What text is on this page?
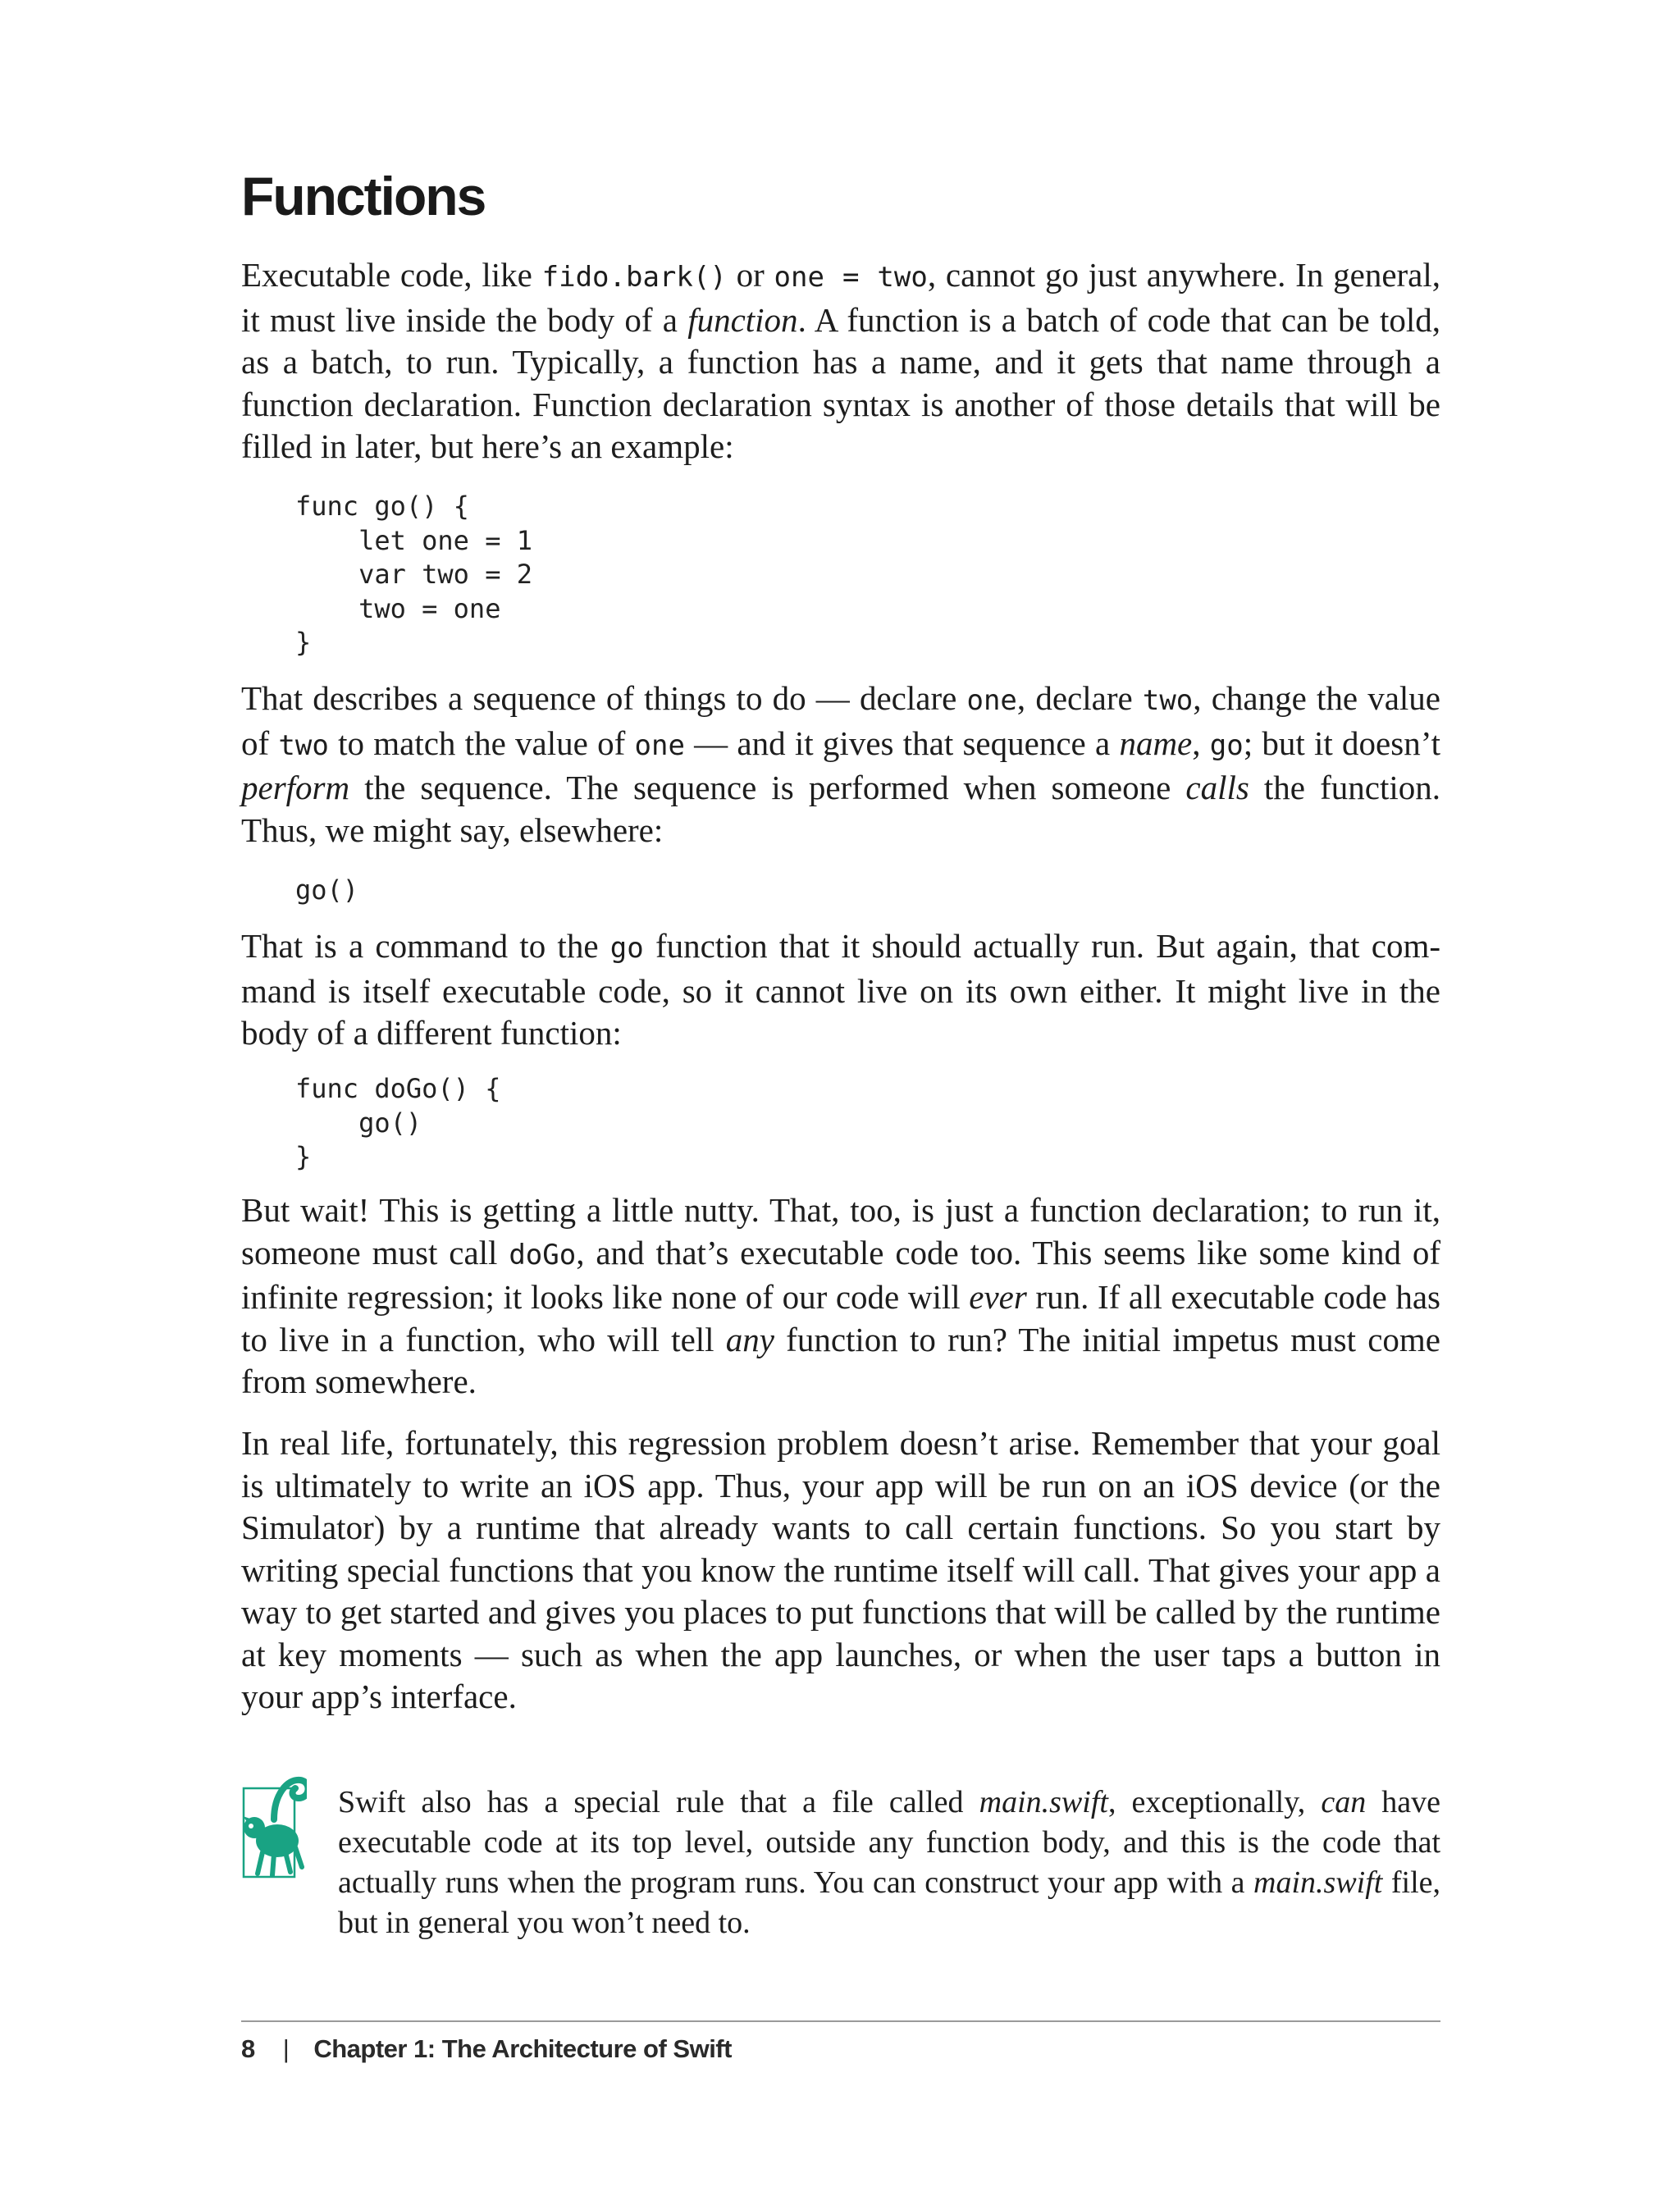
Functions

Executable code, like fido.bark() or one = two, cannot go just anywhere. In general, it must live inside the body of a function. A function is a batch of code that can be told, as a batch, to run. Typically, a function has a name, and it gets that name through a function declaration. Function declaration syntax is another of those details that will be filled in later, but here’s an example:

func go() {
let one = 1
var two = 2
two = one
}

That describes a sequence of things to do — declare one, declare two, change the value of two to match the value of one — and it gives that sequence a name, go; but it doesn’t perform the sequence. The sequence is performed when someone calls the function. Thus, we might say, elsewhere:

go()

That is a command to the go function that it should actually run. But again, that command is itself executable code, so it cannot live on its own either. It might live in the body of a different function:

func doGo() {
go()
}

But wait! This is getting a little nutty. That, too, is just a function declaration; to run it, someone must call doGo, and that’s executable code too. This seems like some kind of infinite regression; it looks like none of our code will ever run. If all executable code has to live in a function, who will tell any function to run? The initial impetus must come from somewhere.

In real life, fortunately, this regression problem doesn’t arise. Remember that your goal is ultimately to write an iOS app. Thus, your app will be run on an iOS device (or the Simulator) by a runtime that already wants to call certain functions. So you start by writing special functions that you know the runtime itself will call. That gives your app a way to get started and gives you places to put functions that will be called by the runtime at key moments — such as when the app launches, or when the user taps a button in your app’s interface.

Swift also has a special rule that a file called main.swift, exceptionally, can have executable code at its top level, outside any function body, and this is the code that actually runs when the program runs. You can construct your app with a main.swift file, but in general you won’t need to.

8 | Chapter 1: The Architecture of Swift
